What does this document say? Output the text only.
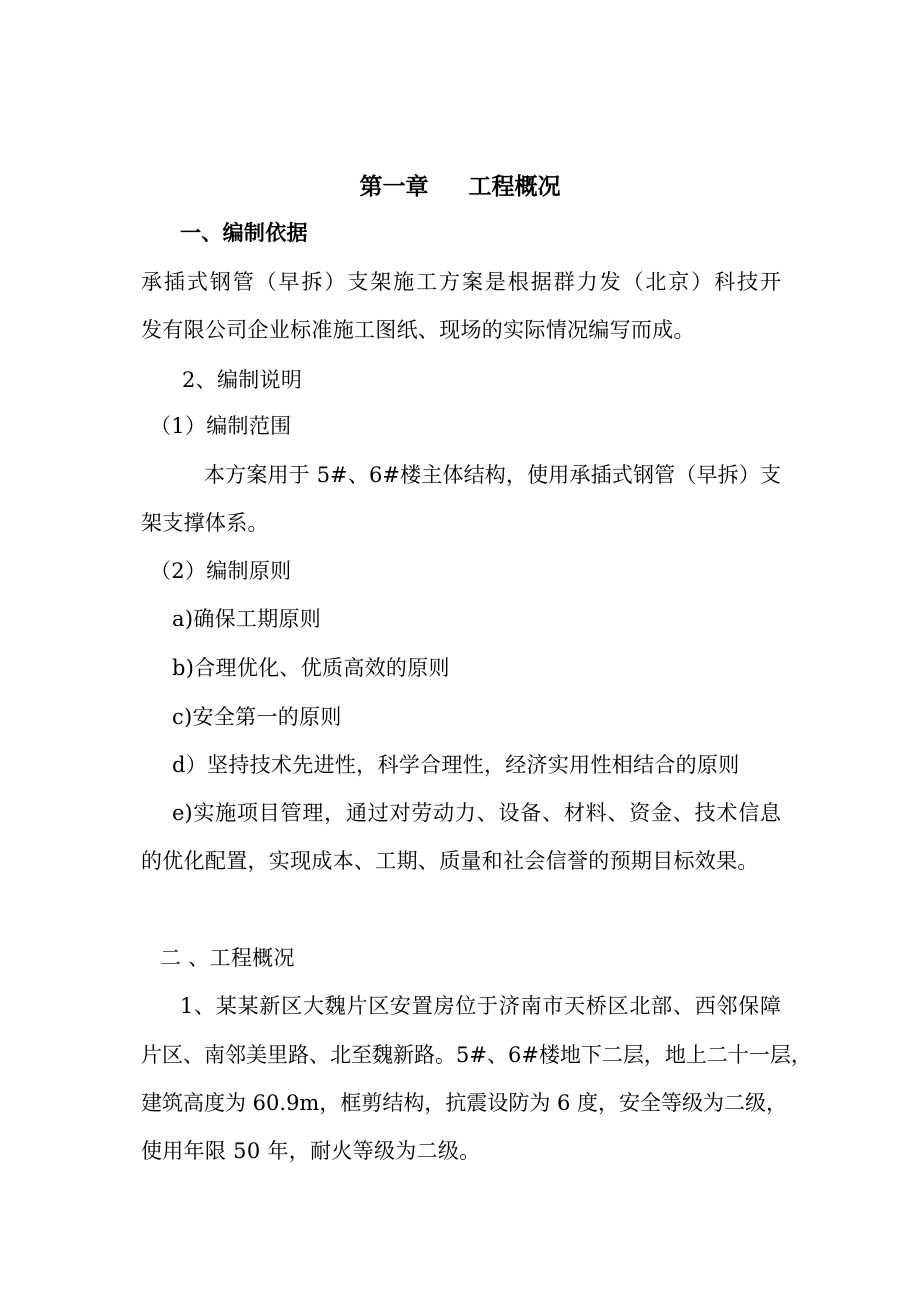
第一章 工程概况
一、编制依据
承插式钢管（早拆）支架施工方案是根据群力发（北京）科技开
发有限公司企业标准施工图纸、现场的实际情况编写而成。
2、编制说明
（1）编制范围
本方案用于 5#、6#楼主体结构，使用承插式钢管（早拆）支
架支撑体系。
（2）编制原则
a)确保工期原则
b)合理优化、优质高效的原则
c)安全第一的原则
d）坚持技术先进性，科学合理性，经济实用性相结合的原则
e)实施项目管理，通过对劳动力、设备、材料、资金、技术信息
的优化配置，实现成本、工期、质量和社会信誉的预期目标效果。
二 、工程概况
1、某某新区大魏片区安置房位于济南市天桥区北部、西邻保障
片区、南邻美里路、北至魏新路。5#、6#楼地下二层，地上二十一层，
建筑高度为 60.9m，框剪结构，抗震设防为 6 度，安全等级为二级，
使用年限 50 年，耐火等级为二级。
